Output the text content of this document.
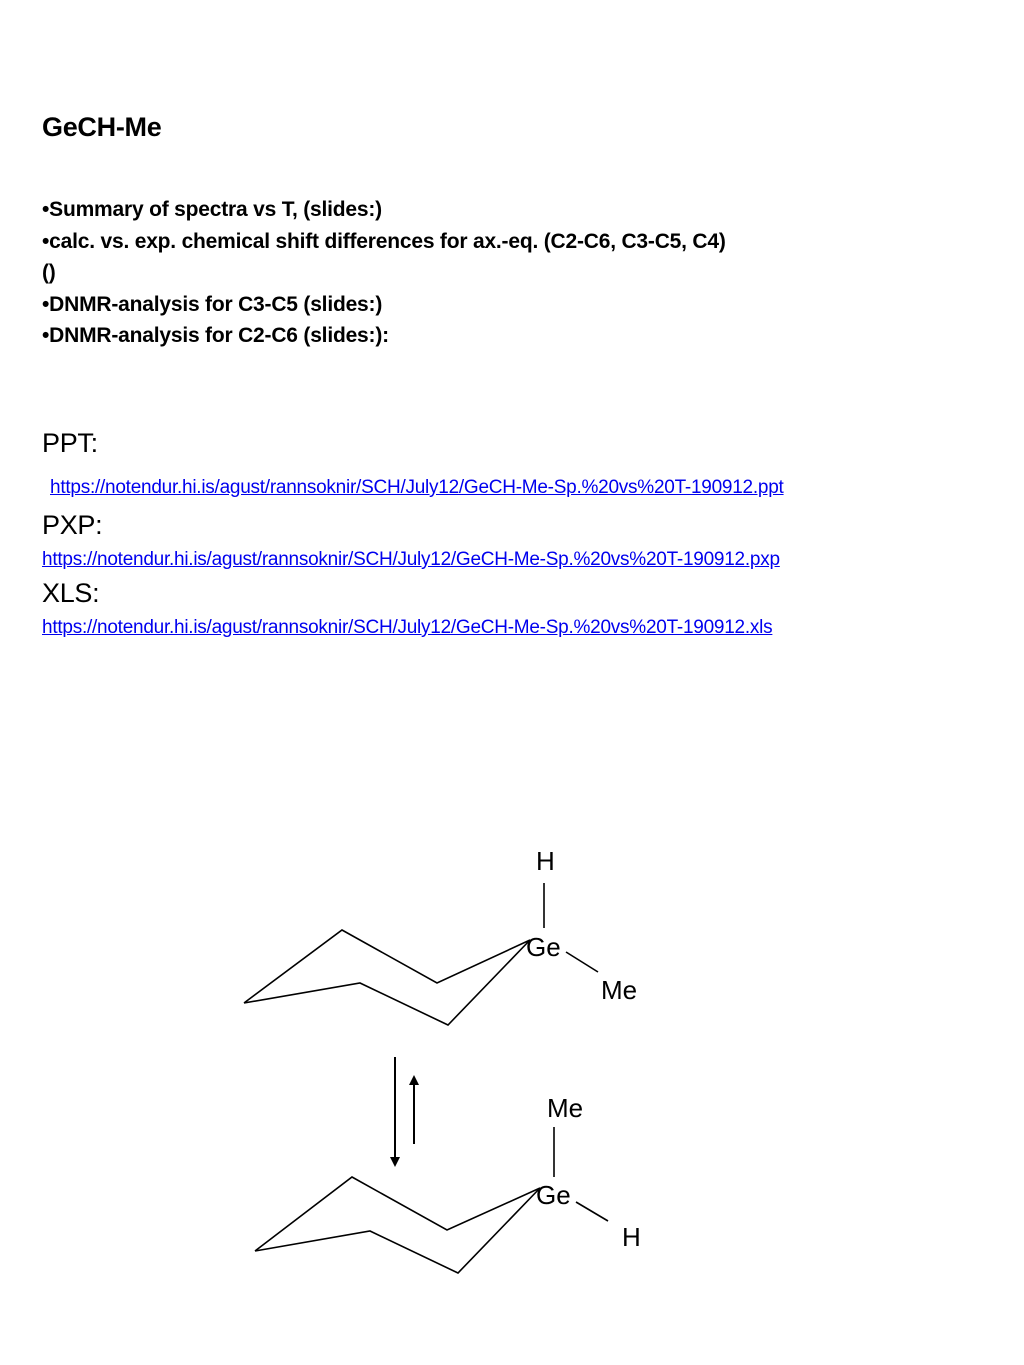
GeCH-Me
•Summary of spectra vs T, (slides:)
•calc. vs. exp. chemical shift differences for ax.-eq. (C2-C6, C3-C5, C4)
()
•DNMR-analysis for C3-C5 (slides:)
•DNMR-analysis for C2-C6 (slides:):
PPT:
https://notendur.hi.is/agust/rannsoknir/SCH/July12/GeCH-Me-Sp.%20vs%20T-190912.ppt
PXP:
https://notendur.hi.is/agust/rannsoknir/SCH/July12/GeCH-Me-Sp.%20vs%20T-190912.pxp
XLS:
https://notendur.hi.is/agust/rannsoknir/SCH/July12/GeCH-Me-Sp.%20vs%20T-190912.xls
H
Ge
Me
Me
Ge
H
